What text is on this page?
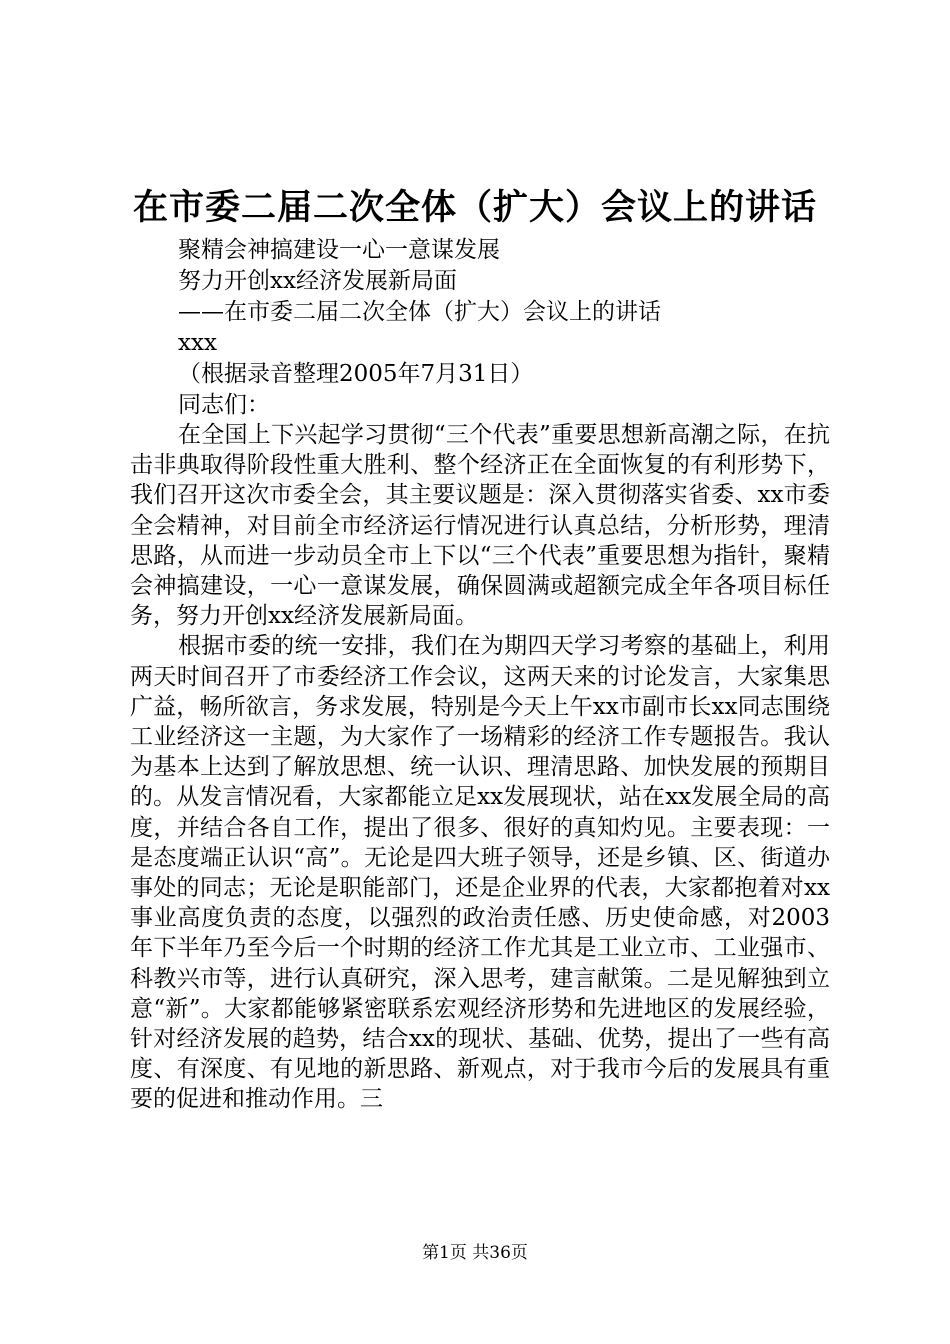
在市委二届二次全体（扩大）会议上的讲话
聚精会神搞建设一心一意谋发展
努力开创xx经济发展新局面
——在市委二届二次全体（扩大）会议上的讲话
xxx
（根据录音整理2005年7月31日）
同志们：

在全国上下兴起学习贯彻“三个代表”重要思想新高潮之际，在抗击非典取得阶段性重大胜利、整个经济正在全面恢复的有利形势下，我们召开这次市委全会，其主要议题是：深入贯彻落实省委、xx市委全会精神，对目前全市经济运行情况进行认真总结，分析形势，理清思路，从而进一步动员全市上下以“三个代表”重要思想为指针，聚精会神搞建设，一心一意谋发展，确保圆满或超额完成全年各项目标任务，努力开创xx经济发展新局面。

根据市委的统一安排，我们在为期四天学习考察的基础上，利用两天时间召开了市委经济工作会议，这两天来的讨论发言，大家集思广益，畅所欲言，务求发展，特别是今天上午xx市副市长xx同志围绕工业经济这一主题，为大家作了一场精彩的经济工作专题报告。我认为基本上达到了解放思想、统一认识、理清思路、加快发展的预期目的。从发言情况看，大家都能立足xx发展现状，站在xx发展全局的高度，并结合各自工作，提出了很多、很好的真知灼见。主要表现：一是态度端正认识“高”。无论是四大班子领导，还是乡镇、区、街道办事处的同志；无论是职能部门，还是企业界的代表，大家都抱着对xx事业高度负责的态度，以强烈的政治责任感、历史使命感，对2003年下半年乃至今后一个时期的经济工作尤其是工业立市、工业强市、科教兴市等，进行认真研究，深入思考，建言献策。二是见解独到立意“新”。大家都能够紧密联系宏观经济形势和先进地区的发展经验，针对经济发展的趋势，结合xx的现状、基础、优势，提出了一些有高度、有深度、有见地的新思路、新观点，对于我市今后的发展具有重要的促进和推动作用。三

第1页 共36页
